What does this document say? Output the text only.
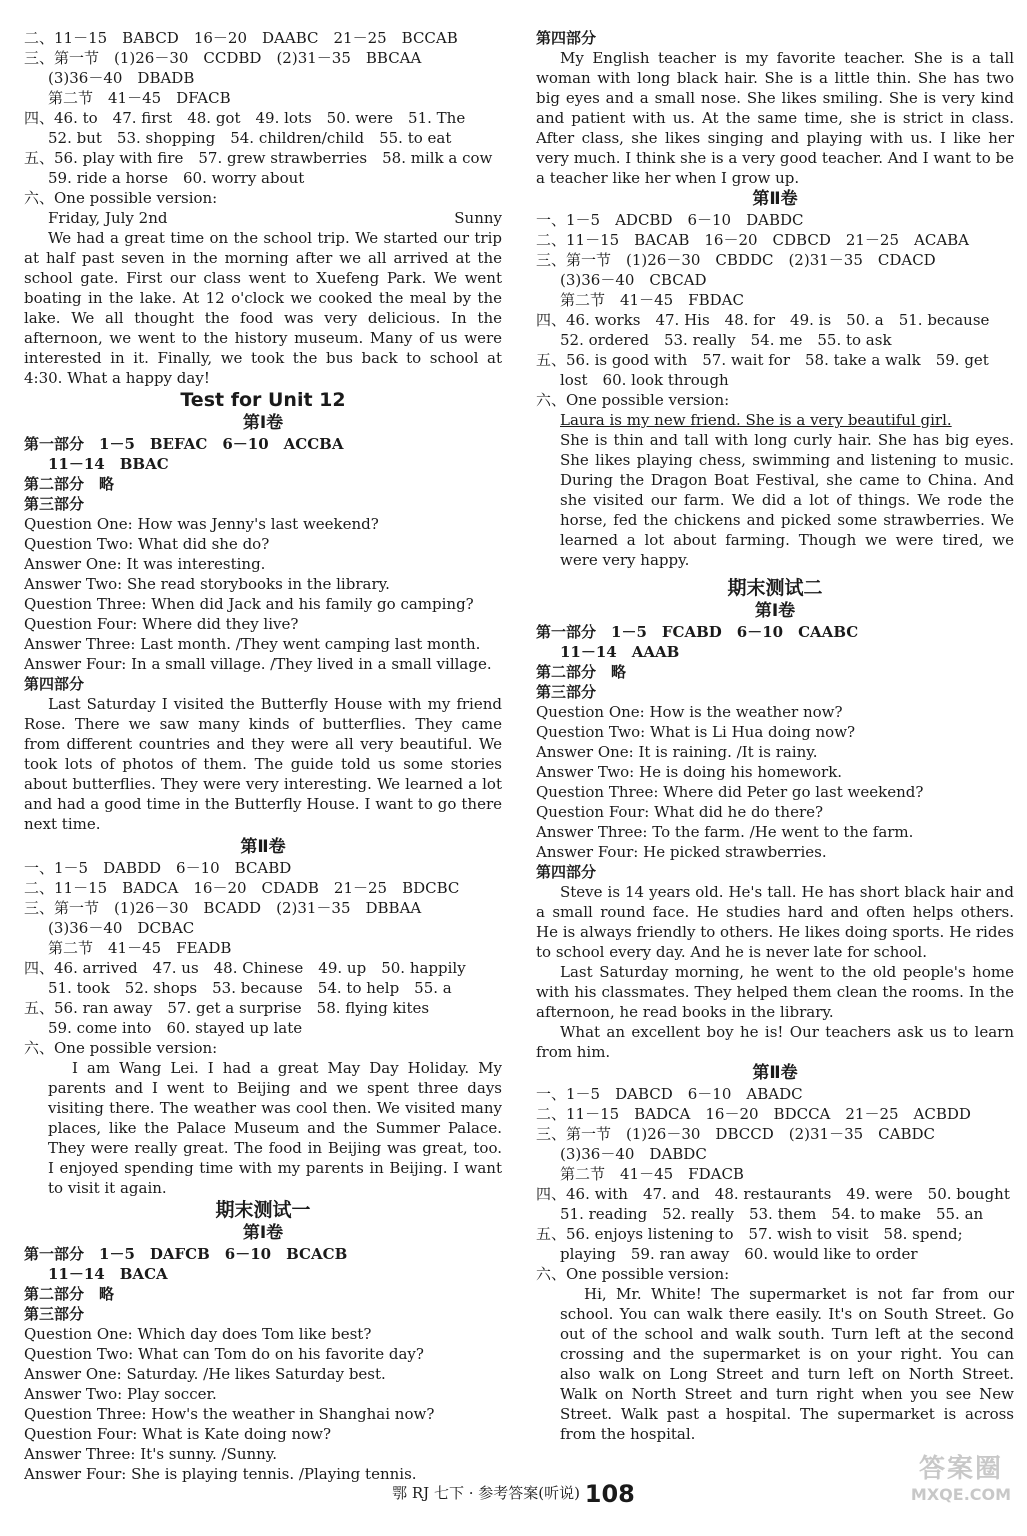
二、11－15　BABCD　16－20　DAABC　21－25　BCCAB
三、第一节　(1)26－30　CCDBD　(2)31－35　BBCAA
(3)36－40　DBADB
第二节　41－45　DFACB
四、46. to　47. first　48. got　49. lots　50. were　51. The
52. but　53. shopping　54. children/child　55. to eat
五、56. play with fire　57. grew strawberries　58. milk a cow
59. ride a horse　60. worry about
六、One possible version:
Friday, July 2nd	Sunny

We had a great time on the school trip. We started our trip at half past seven in the morning after we all arrived at the school gate. First our class went to Xuefeng Park. We went boating in the lake. At 12 o'clock we cooked the meal by the lake. We all thought the food was very delicious. In the afternoon, we went to the history museum. Many of us were interested in it. Finally, we took the bus back to school at 4:30. What a happy day!

Test for Unit 12
第Ⅰ卷
第一部分　1－5　BEFAC　6－10　ACCBA
11－14　BBAC
第二部分　略
第三部分
Question One: How was Jenny's last weekend?
Question Two: What did she do?
Answer One: It was interesting.
Answer Two: She read storybooks in the library.
Question Three: When did Jack and his family go camping?
Question Four: Where did they live?
Answer Three: Last month. /They went camping last month.
Answer Four: In a small village. /They lived in a small village.
第四部分

Last Saturday I visited the Butterfly House with my friend Rose. There we saw many kinds of butterflies. They came from different countries and they were all very beautiful. We took lots of photos of them. The guide told us some stories about butterflies. They were very interesting. We learned a lot and had a good time in the Butterfly House. I want to go there next time.

第Ⅱ卷
一、1－5　DABDD　6－10　BCABD
二、11－15　BADCA　16－20　CDADB　21－25　BDCBC
三、第一节　(1)26－30　BCADD　(2)31－35　DBBAA
(3)36－40　DCBAC
第二节　41－45　FEADB
四、46. arrived　47. us　48. Chinese　49. up　50. happily
51. took　52. shops　53. because　54. to help　55. a
五、56. ran away　57. get a surprise　58. flying kites
59. come into　60. stayed up late
六、One possible version:

I am Wang Lei. I had a great May Day Holiday. My parents and I went to Beijing and we spent three days visiting there. The weather was cool then. We visited many places, like the Palace Museum and the Summer Palace. They were really great. The food in Beijing was great, too. I enjoyed spending time with my parents in Beijing. I want to visit it again.

期末测试一
第Ⅰ卷
第一部分　1－5　DAFCB　6－10　BCACB
11－14　BACA
第二部分　略
第三部分
Question One: Which day does Tom like best?
Question Two: What can Tom do on his favorite day?
Answer One: Saturday. /He likes Saturday best.
Answer Two: Play soccer.
Question Three: How's the weather in Shanghai now?
Question Four: What is Kate doing now?
Answer Three: It's sunny. /Sunny.
Answer Four: She is playing tennis. /Playing tennis.
第四部分

My English teacher is my favorite teacher. She is a tall woman with long black hair. She is a little thin. She has two big eyes and a small nose. She likes smiling. She is very kind and patient with us. At the same time, she is strict in class. After class, she likes singing and playing with us. I like her very much. I think she is a very good teacher. And I want to be a teacher like her when I grow up.

第Ⅱ卷
一、1－5　ADCBD　6－10　DABDC
二、11－15　BACAB　16－20　CDBCD　21－25　ACABA
三、第一节　(1)26－30　CBDDC　(2)31－35　CDACD
(3)36－40　CBCAD
第二节　41－45　FBDAC
四、46. works　47. His　48. for　49. is　50. a　51. because
52. ordered　53. really　54. me　55. to ask
五、56. is good with　57. wait for　58. take a walk　59. get
lost　60. look through
六、One possible version:
Laura is my new friend. She is a very beautiful girl.

She is thin and tall with long curly hair. She has big eyes. She likes playing chess, swimming and listening to music. During the Dragon Boat Festival, she came to China. And she visited our farm. We did a lot of things. We rode the horse, fed the chickens and picked some strawberries. We learned a lot about farming. Though we were tired, we were very happy.

期末测试二
第Ⅰ卷
第一部分　1－5　FCABD　6－10　CAABC
11－14　AAAB
第二部分　略
第三部分
Question One: How is the weather now?
Question Two: What is Li Hua doing now?
Answer One: It is raining. /It is rainy.
Answer Two: He is doing his homework.
Question Three: Where did Peter go last weekend?
Question Four: What did he do there?
Answer Three: To the farm. /He went to the farm.
Answer Four: He picked strawberries.
第四部分

Steve is 14 years old. He's tall. He has short black hair and a small round face. He studies hard and often helps others. He is always friendly to others. He likes doing sports. He rides to school every day. And he is never late for school.

Last Saturday morning, he went to the old people's home with his classmates. They helped them clean the rooms. In the afternoon, he read books in the library.

What an excellent boy he is! Our teachers ask us to learn from him.

第Ⅱ卷
一、1－5　DABCD　6－10　ABADC
二、11－15　BADCA　16－20　BDCCA　21－25　ACBDD
三、第一节　(1)26－30　DBCCD　(2)31－35　CABDC
(3)36－40　DABDC
第二节　41－45　FDACB
四、46. with　47. and　48. restaurants　49. were　50. bought
51. reading　52. really　53. them　54. to make　55. an
五、56. enjoys listening to　57. wish to visit　58. spend;
playing　59. ran away　60. would like to order
六、One possible version:

Hi, Mr. White! The supermarket is not far from our school. You can walk there easily. It's on South Street. Go out of the school and walk south. Turn left at the second crossing and the supermarket is on your right. You can also walk on Long Street and turn left on North Street. Walk on North Street and turn right when you see New Street. Walk past a hospital. The supermarket is across from the hospital.

鄂 RJ 七下 · 参考答案(听说) 108
答案圈
MXQE.COM
